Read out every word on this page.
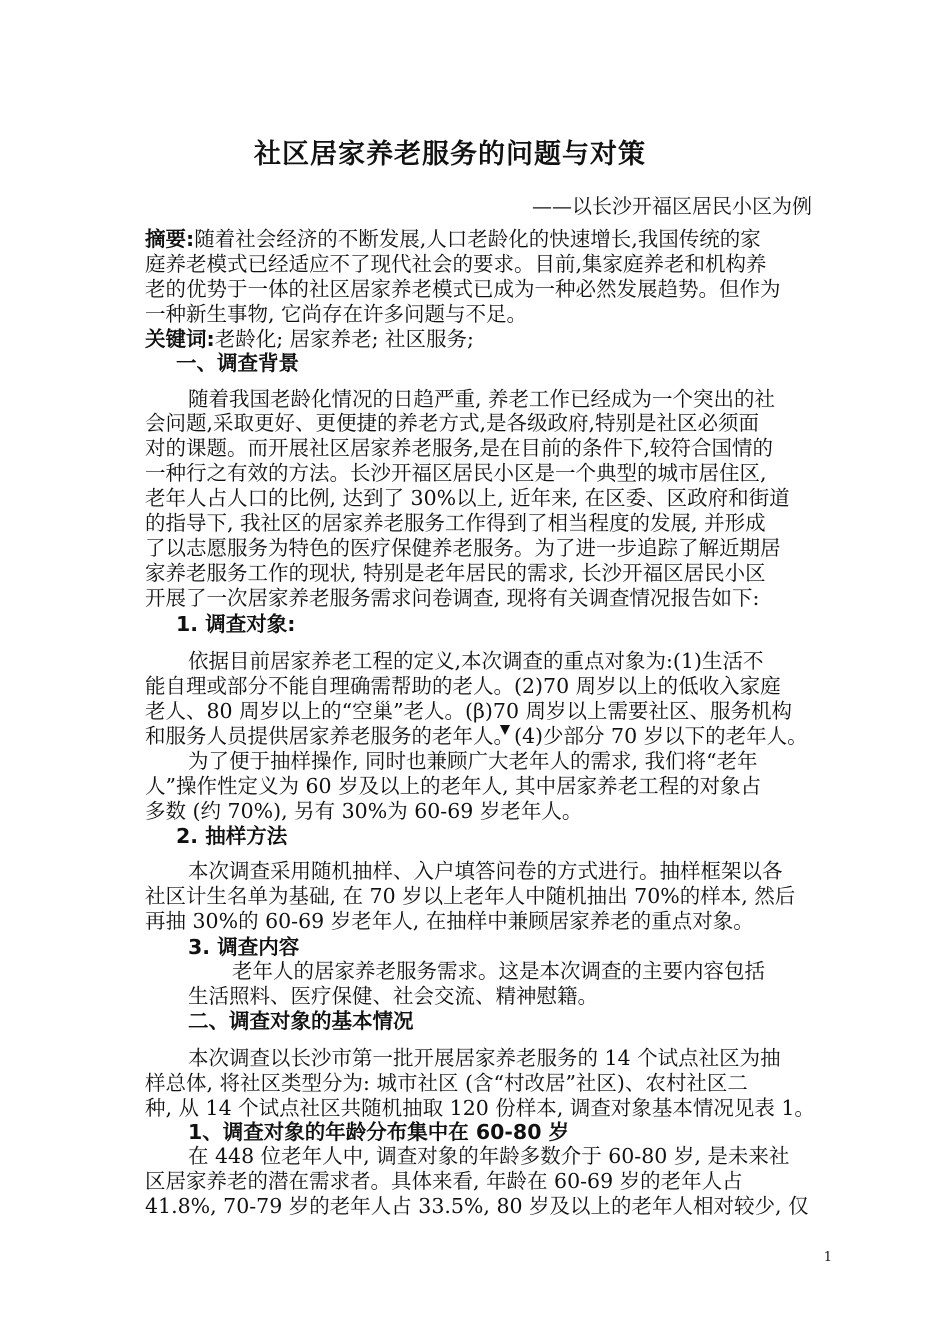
社区居家养老服务的问题与对策
——以长沙开福区居民小区为例
摘要:随着社会经济的不断发展,人口老龄化的快速增长,我国传统的家
庭养老模式已经适应不了现代社会的要求。目前,集家庭养老和机构养
老的优势于一体的社区居家养老模式已成为一种必然发展趋势。但作为
一种新生事物, 它尚存在许多问题与不足。
关键词:老龄化; 居家养老; 社区服务;
一、调查背景
随着我国老龄化情况的日趋严重, 养老工作已经成为一个突出的社
会问题,采取更好、更便捷的养老方式,是各级政府,特别是社区必须面
对的课题。而开展社区居家养老服务,是在目前的条件下,较符合国情的
一种行之有效的方法。长沙开福区居民小区是一个典型的城市居住区,
老年人占人口的比例, 达到了 30%以上, 近年来, 在区委、区政府和街道
的指导下, 我社区的居家养老服务工作得到了相当程度的发展, 并形成
了以志愿服务为特色的医疗保健养老服务。为了进一步追踪了解近期居
家养老服务工作的现状, 特别是老年居民的需求, 长沙开福区居民小区
开展了一次居家养老服务需求问卷调查, 现将有关调查情况报告如下:
1. 调查对象:
依据目前居家养老工程的定义,本次调查的重点对象为:(1)生活不
能自理或部分不能自理确需帮助的老人。(2)70 周岁以上的低收入家庭
老人、80 周岁以上的“空巢”老人。(β)70 周岁以上需要社区、服务机构
和服务人员提供居家养老服务的老年人。(4)少部分 70 岁以下的老年人。
为了便于抽样操作, 同时也兼顾广大老年人的需求, 我们将“老年
人”操作性定义为 60 岁及以上的老年人, 其中居家养老工程的对象占
多数 (约 70%), 另有 30%为 60-69 岁老年人。
2. 抽样方法
本次调查采用随机抽样、入户填答问卷的方式进行。抽样框架以各
社区计生名单为基础, 在 70 岁以上老年人中随机抽出 70%的样本, 然后
再抽 30%的 60-69 岁老年人, 在抽样中兼顾居家养老的重点对象。
3. 调查内容
老年人的居家养老服务需求。这是本次调查的主要内容包括
生活照料、医疗保健、社会交流、精神慰籍。
二、调查对象的基本情况
本次调查以长沙市第一批开展居家养老服务的 14 个试点社区为抽
样总体, 将社区类型分为: 城市社区 (含“村改居”社区)、农村社区二
种, 从 14 个试点社区共随机抽取 120 份样本, 调查对象基本情况见表 1。
1、调查对象的年龄分布集中在 60-80 岁
在 448 位老年人中, 调查对象的年龄多数介于 60-80 岁, 是未来社
区居家养老的潜在需求者。具体来看, 年龄在 60-69 岁的老年人占
41.8%, 70-79 岁的老年人占 33.5%, 80 岁及以上的老年人相对较少, 仅
1
